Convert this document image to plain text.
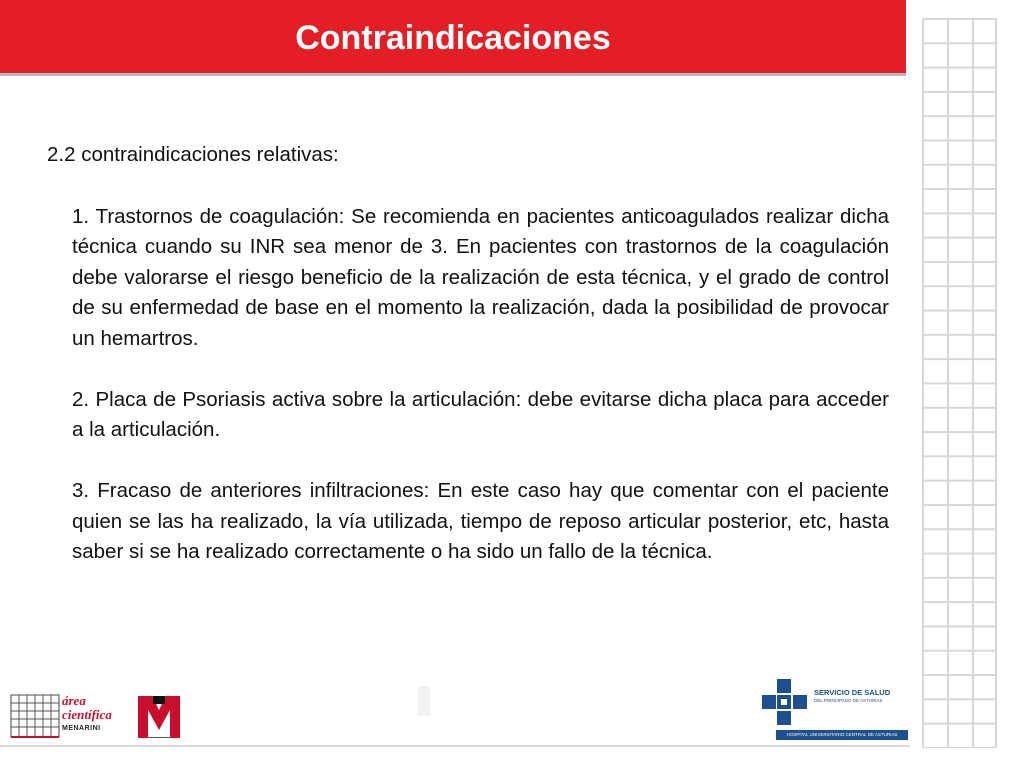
Contraindicaciones

2.2 contraindicaciones relativas:

1. Trastornos de coagulación: Se recomienda en pacientes anticoagulados realizar dicha técnica cuando su INR sea menor de 3. En pacientes con trastornos de la coagulación debe valorarse el riesgo beneficio de la realización de esta técnica, y el grado de control de su enfermedad de base en el momento la realización, dada la posibilidad de provocar un hemartros.

2. Placa de Psoriasis activa sobre la articulación: debe evitarse dicha placa para acceder a la articulación.

3. Fracaso de anteriores infiltraciones: En este caso hay que comentar con el paciente quien se las ha realizado, la vía utilizada, tiempo de reposo articular posterior, etc, hasta saber si se ha realizado correctamente o ha sido un fallo de la técnica.

área
científica
MENARINI
SERVICIO DE SALUD
DEL PRINCIPADO DE ASTURIAS
HOSPITAL UNIVERSITARIO CENTRAL DE ASTURIAS
